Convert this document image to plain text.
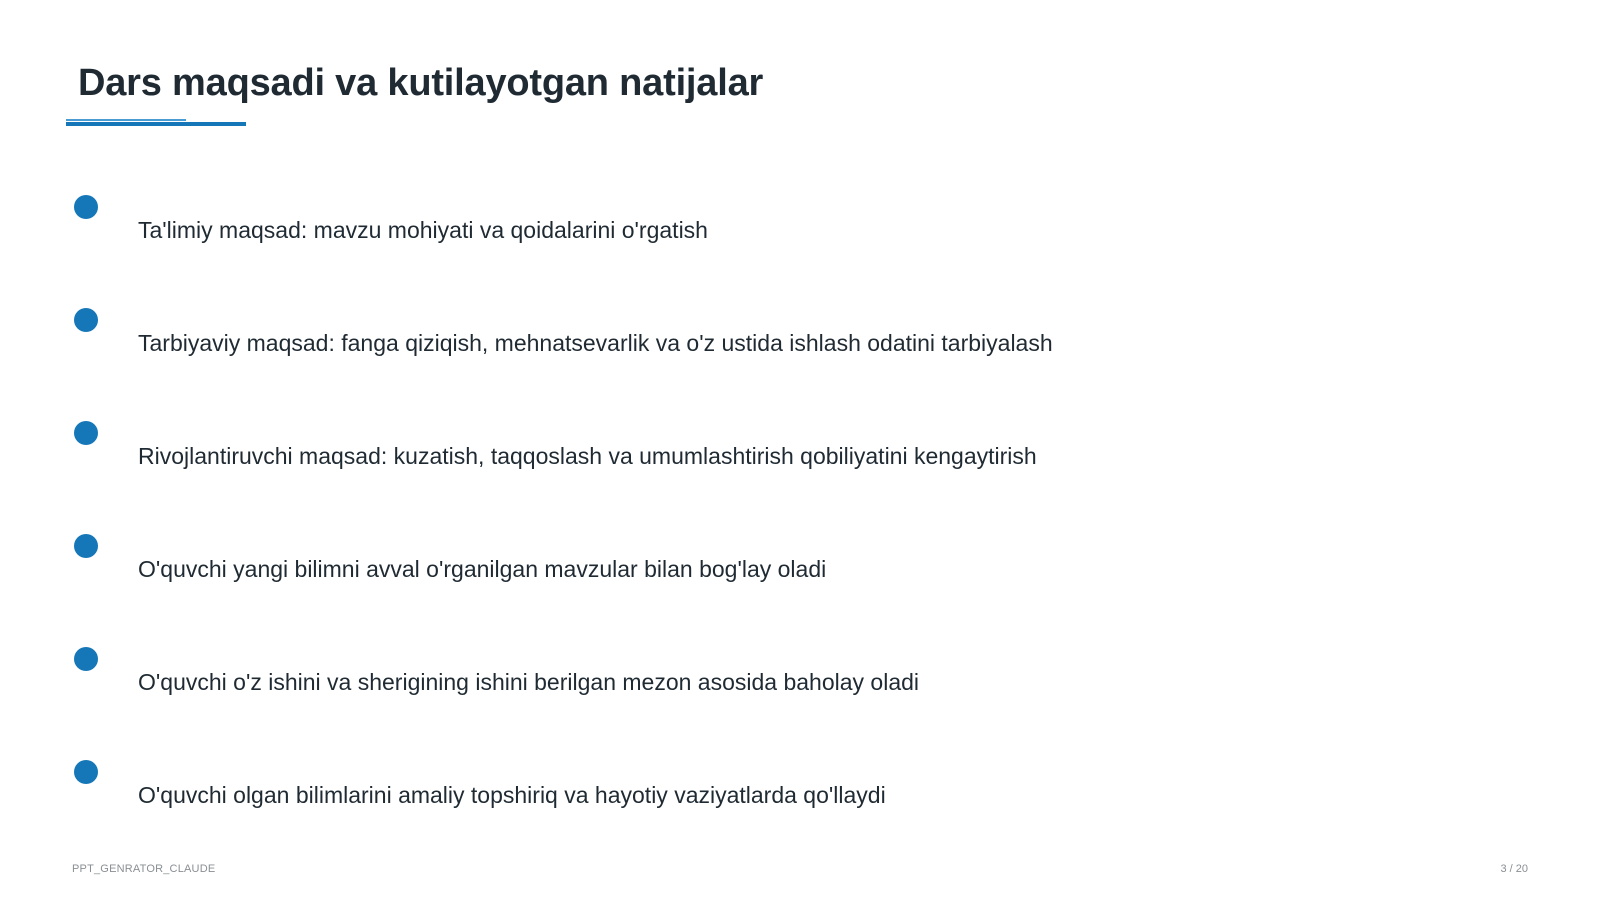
Dars maqsadi va kutilayotgan natijalar
Ta'limiy maqsad: mavzu mohiyati va qoidalarini o'rgatish
Tarbiyaviy maqsad: fanga qiziqish, mehnatsevarlik va o'z ustida ishlash odatini tarbiyalash
Rivojlantiruvchi maqsad: kuzatish, taqqoslash va umumlashtirish qobiliyatini kengaytirish
O'quvchi yangi bilimni avval o'rganilgan mavzular bilan bog'lay oladi
O'quvchi o'z ishini va sherigining ishini berilgan mezon asosida baholay oladi
O'quvchi olgan bilimlarini amaliy topshiriq va hayotiy vaziyatlarda qo'llaydi
PPT_GENRATOR_CLAUDE	3 / 20
